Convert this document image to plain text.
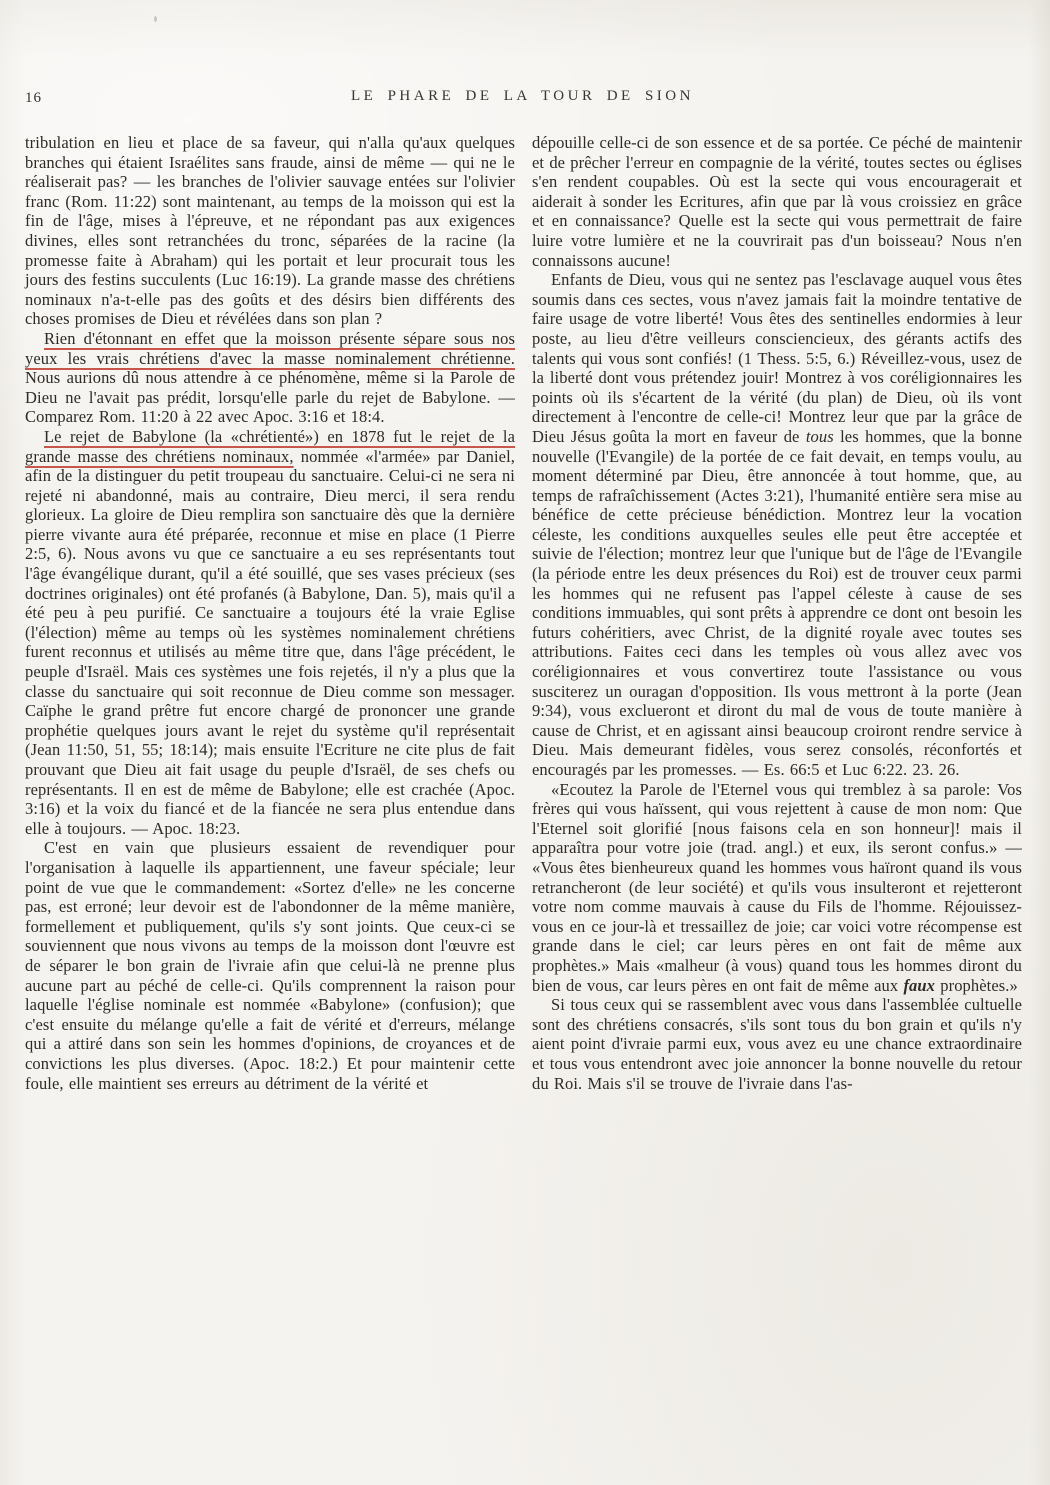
16	LE PHARE DE LA TOUR DE SION

tribulation en lieu et place de sa faveur, qui n'alla qu'aux quelques branches qui étaient Israélites sans fraude, ainsi de même — qui ne le réaliserait pas? — les branches de l'olivier sauvage entées sur l'olivier franc (Rom. 11:22) sont maintenant, au temps de la moisson qui est la fin de l'âge, mises à l'épreuve, et ne répondant pas aux exigences divines, elles sont retranchées du tronc, séparées de la racine (la promesse faite à Abraham) qui les portait et leur procurait tous les jours des festins succulents (Luc 16:19). La grande masse des chrétiens nominaux n'a-t-elle pas des goûts et des désirs bien différents des choses promises de Dieu et révélées dans son plan ?

Rien d'étonnant en effet que la moisson présente sépare sous nos yeux les vrais chrétiens d'avec la masse nominalement chrétienne. Nous aurions dû nous attendre à ce phénomène, même si la Parole de Dieu ne l'avait pas prédit, lorsqu'elle parle du rejet de Babylone. — Comparez Rom. 11:20 à 22 avec Apoc. 3:16 et 18:4.

Le rejet de Babylone (la «chrétienté») en 1878 fut le rejet de la grande masse des chrétiens nominaux, nommée «l'armée» par Daniel, afin de la distinguer du petit troupeau du sanctuaire. Celui-ci ne sera ni rejeté ni abandonné, mais au contraire, Dieu merci, il sera rendu glorieux. La gloire de Dieu remplira son sanctuaire dès que la dernière pierre vivante aura été préparée, reconnue et mise en place (1 Pierre 2:5, 6). Nous avons vu que ce sanctuaire a eu ses représentants tout l'âge évangélique durant, qu'il a été souillé, que ses vases précieux (ses doctrines originales) ont été profanés (à Babylone, Dan. 5), mais qu'il a été peu à peu purifié. Ce sanctuaire a toujours été la vraie Eglise (l'élection) même au temps où les systèmes nominalement chrétiens furent reconnus et utilisés au même titre que, dans l'âge précédent, le peuple d'Israël. Mais ces systèmes une fois rejetés, il n'y a plus que la classe du sanctuaire qui soit reconnue de Dieu comme son messager. Caïphe le grand prêtre fut encore chargé de prononcer une grande prophétie quelques jours avant le rejet du système qu'il représentait (Jean 11:50, 51, 55; 18:14); mais ensuite l'Ecriture ne cite plus de fait prouvant que Dieu ait fait usage du peuple d'Israël, de ses chefs ou représentants. Il en est de même de Babylone; elle est crachée (Apoc. 3:16) et la voix du fiancé et de la fiancée ne sera plus entendue dans elle à toujours. — Apoc. 18:23.

C'est en vain que plusieurs essaient de revendiquer pour l'organisation à laquelle ils appartiennent, une faveur spéciale; leur point de vue que le commandement: «Sortez d'elle» ne les concerne pas, est erroné; leur devoir est de l'abondonner de la même manière, formellement et publiquement, qu'ils s'y sont joints. Que ceux-ci se souviennent que nous vivons au temps de la moisson dont l'œuvre est de séparer le bon grain de l'ivraie afin que celui-là ne prenne plus aucune part au péché de celle-ci. Qu'ils comprennent la raison pour laquelle l'église nominale est nommée «Babylone» (confusion); que c'est ensuite du mélange qu'elle a fait de vérité et d'erreurs, mélange qui a attiré dans son sein les hommes d'opinions, de croyances et de convictions les plus diverses. (Apoc. 18:2.) Et pour maintenir cette foule, elle maintient ses erreurs au détriment de la vérité et

dépouille celle-ci de son essence et de sa portée. Ce péché de maintenir et de prêcher l'erreur en compagnie de la vérité, toutes sectes ou églises s'en rendent coupables. Où est la secte qui vous encouragerait et aiderait à sonder les Ecritures, afin que par là vous croissiez en grâce et en connaissance? Quelle est la secte qui vous permettrait de faire luire votre lumière et ne la couvrirait pas d'un boisseau? Nous n'en connaissons aucune!

Enfants de Dieu, vous qui ne sentez pas l'esclavage auquel vous êtes soumis dans ces sectes, vous n'avez jamais fait la moindre tentative de faire usage de votre liberté! Vous êtes des sentinelles endormies à leur poste, au lieu d'être veilleurs consciencieux, des gérants actifs des talents qui vous sont confiés! (1 Thess. 5:5, 6.) Réveillez-vous, usez de la liberté dont vous prétendez jouir! Montrez à vos coréligionnaires les points où ils s'écartent de la vérité (du plan) de Dieu, où ils vont directement à l'encontre de celle-ci! Montrez leur que par la grâce de Dieu Jésus goûta la mort en faveur de tous les hommes, que la bonne nouvelle (l'Evangile) de la portée de ce fait devait, en temps voulu, au moment déterminé par Dieu, être annoncée à tout homme, que, au temps de rafraîchissement (Actes 3:21), l'humanité entière sera mise au bénéfice de cette précieuse bénédiction. Montrez leur la vocation céleste, les conditions auxquelles seules elle peut être acceptée et suivie de l'élection; montrez leur que l'unique but de l'âge de l'Evangile (la période entre les deux présences du Roi) est de trouver ceux parmi les hommes qui ne refusent pas l'appel céleste à cause de ses conditions immuables, qui sont prêts à apprendre ce dont ont besoin les futurs cohéritiers, avec Christ, de la dignité royale avec toutes ses attributions. Faites ceci dans les temples où vous allez avec vos coréligionnaires et vous convertirez toute l'assistance ou vous susciterez un ouragan d'opposition. Ils vous mettront à la porte (Jean 9:34), vous exclueront et diront du mal de vous de toute manière à cause de Christ, et en agissant ainsi beaucoup croiront rendre service à Dieu. Mais demeurant fidèles, vous serez consolés, réconfortés et encouragés par les promesses. — Es. 66:5 et Luc 6:22. 23. 26.

«Ecoutez la Parole de l'Eternel vous qui tremblez à sa parole: Vos frères qui vous haïssent, qui vous rejettent à cause de mon nom: Que l'Eternel soit glorifié [nous faisons cela en son honneur]! mais il apparaîtra pour votre joie (trad. angl.) et eux, ils seront confus.» — «Vous êtes bienheureux quand les hommes vous haïront quand ils vous retrancheront (de leur société) et qu'ils vous insulteront et rejetteront votre nom comme mauvais à cause du Fils de l'homme. Réjouissez-vous en ce jour-là et tressaillez de joie; car voici votre récompense est grande dans le ciel; car leurs pères en ont fait de même aux prophètes.» Mais «malheur (à vous) quand tous les hommes diront du bien de vous, car leurs pères en ont fait de même aux faux prophètes.»

Si tous ceux qui se rassemblent avec vous dans l'assemblée cultuelle sont des chrétiens consacrés, s'ils sont tous du bon grain et qu'ils n'y aient point d'ivraie parmi eux, vous avez eu une chance extraordinaire et tous vous entendront avec joie annoncer la bonne nouvelle du retour du Roi. Mais s'il se trouve de l'ivraie dans l'as-
